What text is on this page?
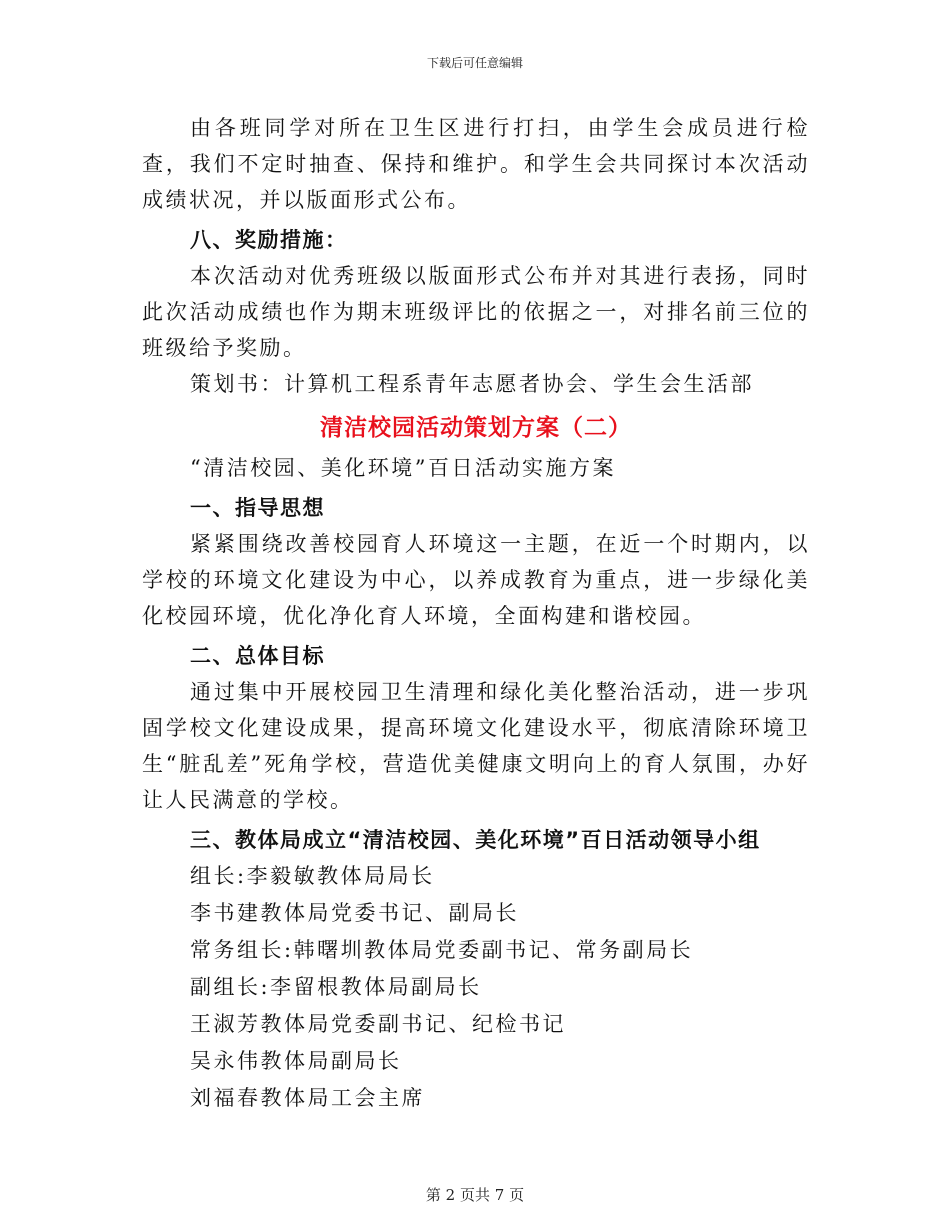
下载后可任意编辑

由各班同学对所在卫生区进行打扫，由学生会成员进行检查，我们不定时抽查、保持和维护。和学生会共同探讨本次活动成绩状况，并以版面形式公布。

八、奖励措施：

本次活动对优秀班级以版面形式公布并对其进行表扬，同时此次活动成绩也作为期末班级评比的依据之一，对排名前三位的班级给予奖励。

策划书：计算机工程系青年志愿者协会、学生会生活部

清洁校园活动策划方案（二）

“清洁校园、美化环境”百日活动实施方案

一、指导思想

紧紧围绕改善校园育人环境这一主题，在近一个时期内，以学校的环境文化建设为中心，以养成教育为重点，进一步绿化美化校园环境，优化净化育人环境，全面构建和谐校园。

二、总体目标

通过集中开展校园卫生清理和绿化美化整治活动，进一步巩固学校文化建设成果，提高环境文化建设水平，彻底清除环境卫生“脏乱差”死角学校，营造优美健康文明向上的育人氛围，办好让人民满意的学校。

三、教体局成立“清洁校园、美化环境”百日活动领导小组

组长:李毅敏教体局局长

李书建教体局党委书记、副局长

常务组长:韩曙圳教体局党委副书记、常务副局长

副组长:李留根教体局副局长

王淑芳教体局党委副书记、纪检书记

吴永伟教体局副局长

刘福春教体局工会主席

第 2 页共 7 页
